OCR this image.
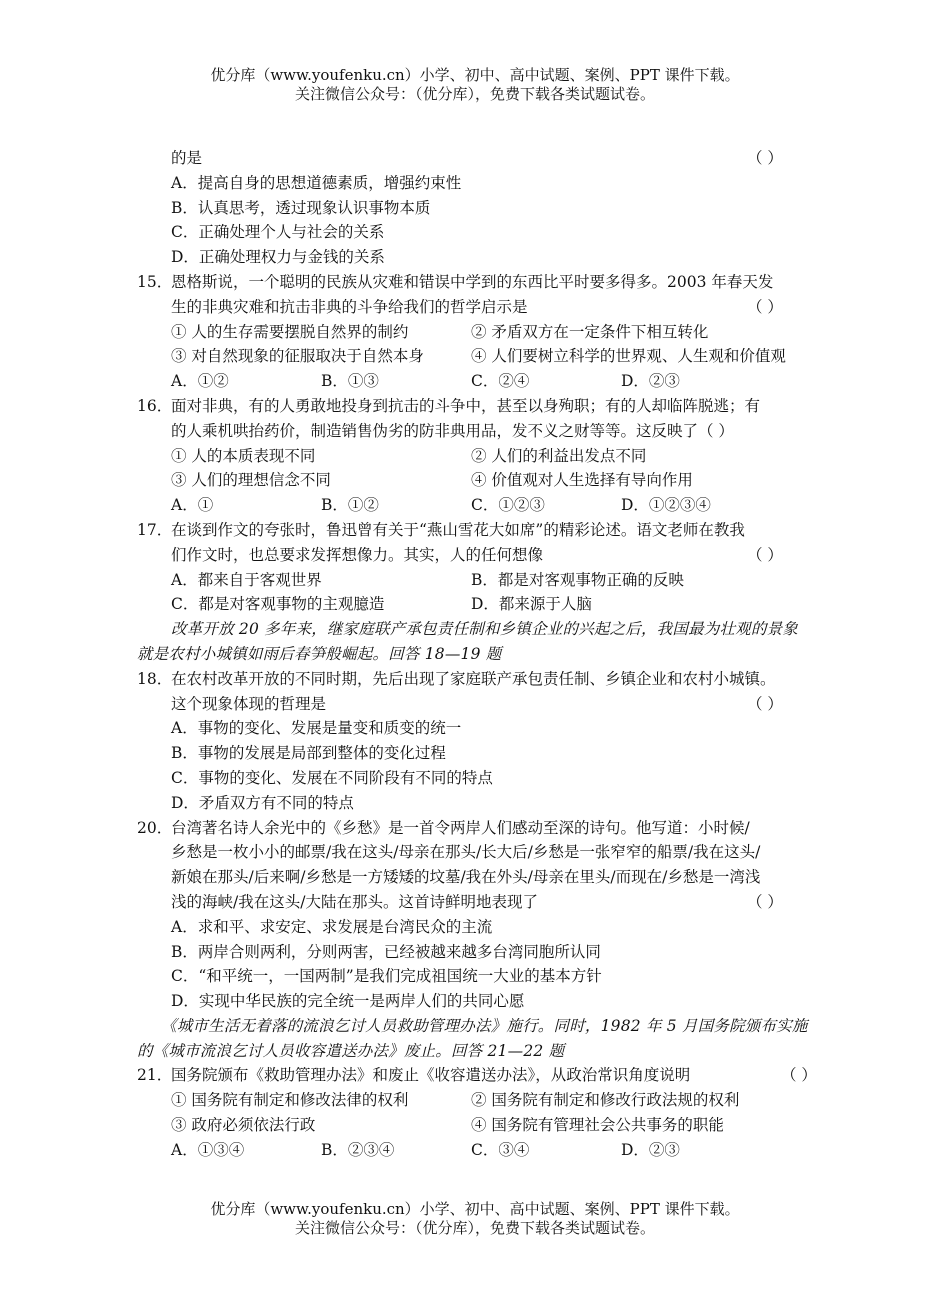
优分库（www.youfenku.cn）小学、初中、高中试题、案例、PPT 课件下载。
关注微信公众号：（优分库），免费下载各类试题试卷。
的是	（ ）
A．提高自身的思想道德素质，增强约束性
B．认真思考，透过现象认识事物本质
C．正确处理个人与社会的关系
D．正确处理权力与金钱的关系
15．
恩格斯说，一个聪明的民族从灾难和错误中学到的东西比平时要多得多。2003 年春天发
生的非典灾难和抗击非典的斗争给我们的哲学启示是	（ ）
① 人的生存需要摆脱自然界的制约	② 矛盾双方在一定条件下相互转化
③ 对自然现象的征服取决于自然本身	④ 人们要树立科学的世界观、人生观和价值观
A．①②	B．①③	C．②④	D．②③
16．
面对非典，有的人勇敢地投身到抗击的斗争中，甚至以身殉职；有的人却临阵脱逃；有
的人乘机哄抬药价，制造销售伪劣的防非典用品，发不义之财等等。这反映了（ ）
① 人的本质表现不同	② 人们的利益出发点不同
③ 人们的理想信念不同	④ 价值观对人生选择有导向作用
A．①	B．①②	C．①②③	D．①②③④
17．
在谈到作文的夸张时，鲁迅曾有关于“燕山雪花大如席”的精彩论述。语文老师在教我
们作文时，也总要求发挥想像力。其实，人的任何想像	（ ）
A．都来自于客观世界	B．都是对客观事物正确的反映
C．都是对客观事物的主观臆造	D．都来源于人脑
改革开放 20 多年来，继家庭联产承包责任制和乡镇企业的兴起之后，我国最为壮观的景象
就是农村小城镇如雨后春笋般崛起。回答 18—19 题
18．
在农村改革开放的不同时期，先后出现了家庭联产承包责任制、乡镇企业和农村小城镇。
这个现象体现的哲理是	（ ）
A．事物的变化、发展是量变和质变的统一
B．事物的发展是局部到整体的变化过程
C．事物的变化、发展在不同阶段有不同的特点
D．矛盾双方有不同的特点
20．
台湾著名诗人余光中的《乡愁》是一首令两岸人们感动至深的诗句。他写道：小时候/
乡愁是一枚小小的邮票/我在这头/母亲在那头/长大后/乡愁是一张窄窄的船票/我在这头/
新娘在那头/后来啊/乡愁是一方矮矮的坟墓/我在外头/母亲在里头/而现在/乡愁是一湾浅
浅的海峡/我在这头/大陆在那头。这首诗鲜明地表现了	（ ）
A．求和平、求安定、求发展是台湾民众的主流
B．两岸合则两利，分则两害，已经被越来越多台湾同胞所认同
C．“和平统一，一国两制”是我们完成祖国统一大业的基本方针
D．实现中华民族的完全统一是两岸人们的共同心愿
《城市生活无着落的流浪乞讨人员救助管理办法》施行。同时，1982 年 5 月国务院颁布实施
的《城市流浪乞讨人员收容遣送办法》废止。回答 21—22 题
21．
国务院颁布《救助管理办法》和废止《收容遣送办法》，从政治常识角度说明	（ ）
① 国务院有制定和修改法律的权利	② 国务院有制定和修改行政法规的权利
③ 政府必须依法行政	④ 国务院有管理社会公共事务的职能
A．①③④	B．②③④	C．③④	D．②③
优分库（www.youfenku.cn）小学、初中、高中试题、案例、PPT 课件下载。
关注微信公众号：（优分库），免费下载各类试题试卷。
